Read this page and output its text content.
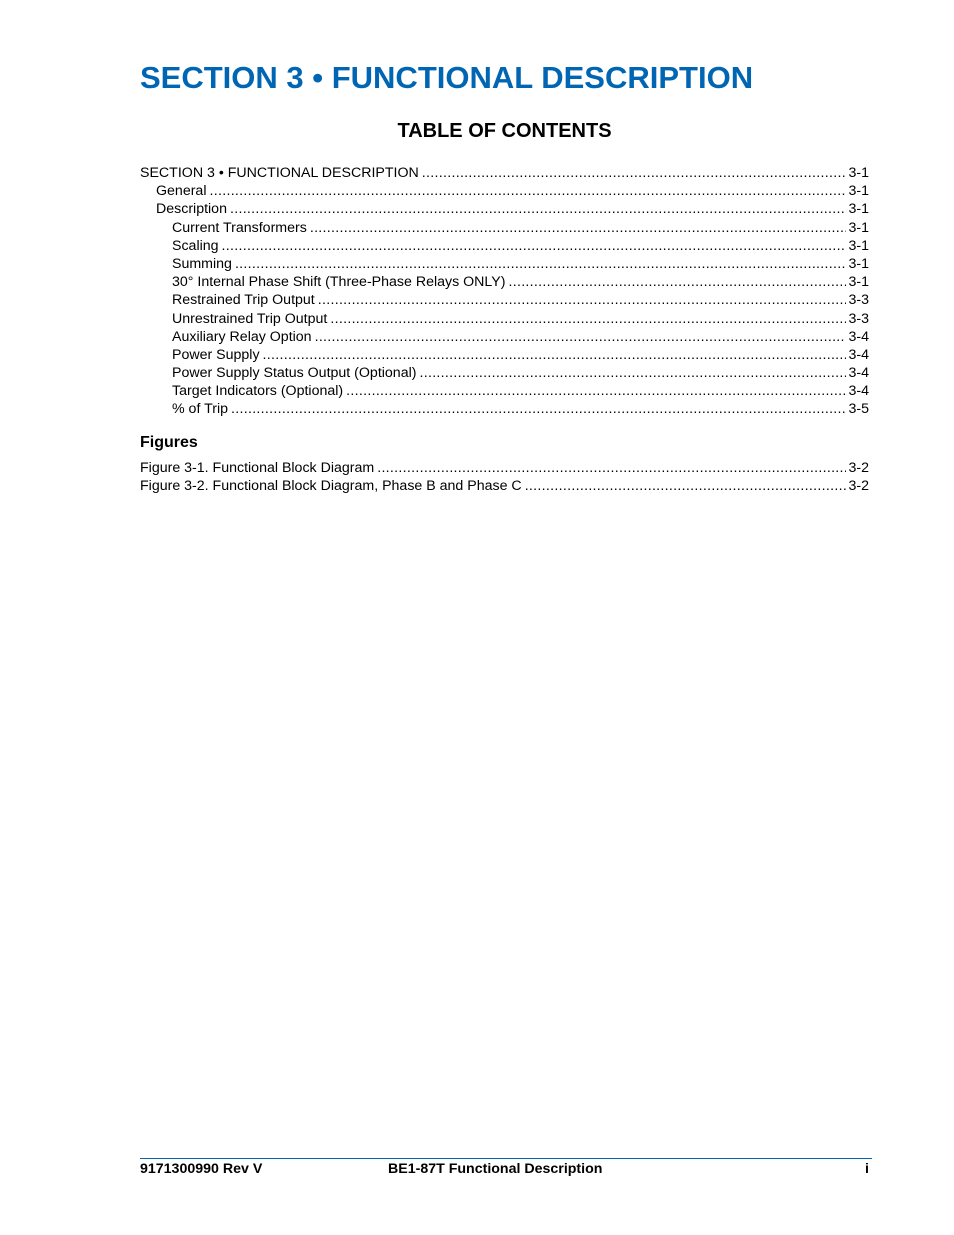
SECTION 3 • FUNCTIONAL DESCRIPTION
TABLE OF CONTENTS
SECTION 3 • FUNCTIONAL DESCRIPTION .....	3-1
General .....	3-1
Description .....	3-1
Current Transformers .....	3-1
Scaling .....	3-1
Summing .....	3-1
30° Internal Phase Shift (Three-Phase Relays ONLY) .....	3-1
Restrained Trip Output .....	3-3
Unrestrained Trip Output .....	3-3
Auxiliary Relay Option .....	3-4
Power Supply .....	3-4
Power Supply Status Output (Optional) .....	3-4
Target Indicators (Optional) .....	3-4
% of Trip .....	3-5
Figures
Figure 3-1. Functional Block Diagram .....	3-2
Figure 3-2. Functional Block Diagram, Phase B and Phase C .....	3-2
9171300990 Rev V	BE1-87T Functional Description	i
